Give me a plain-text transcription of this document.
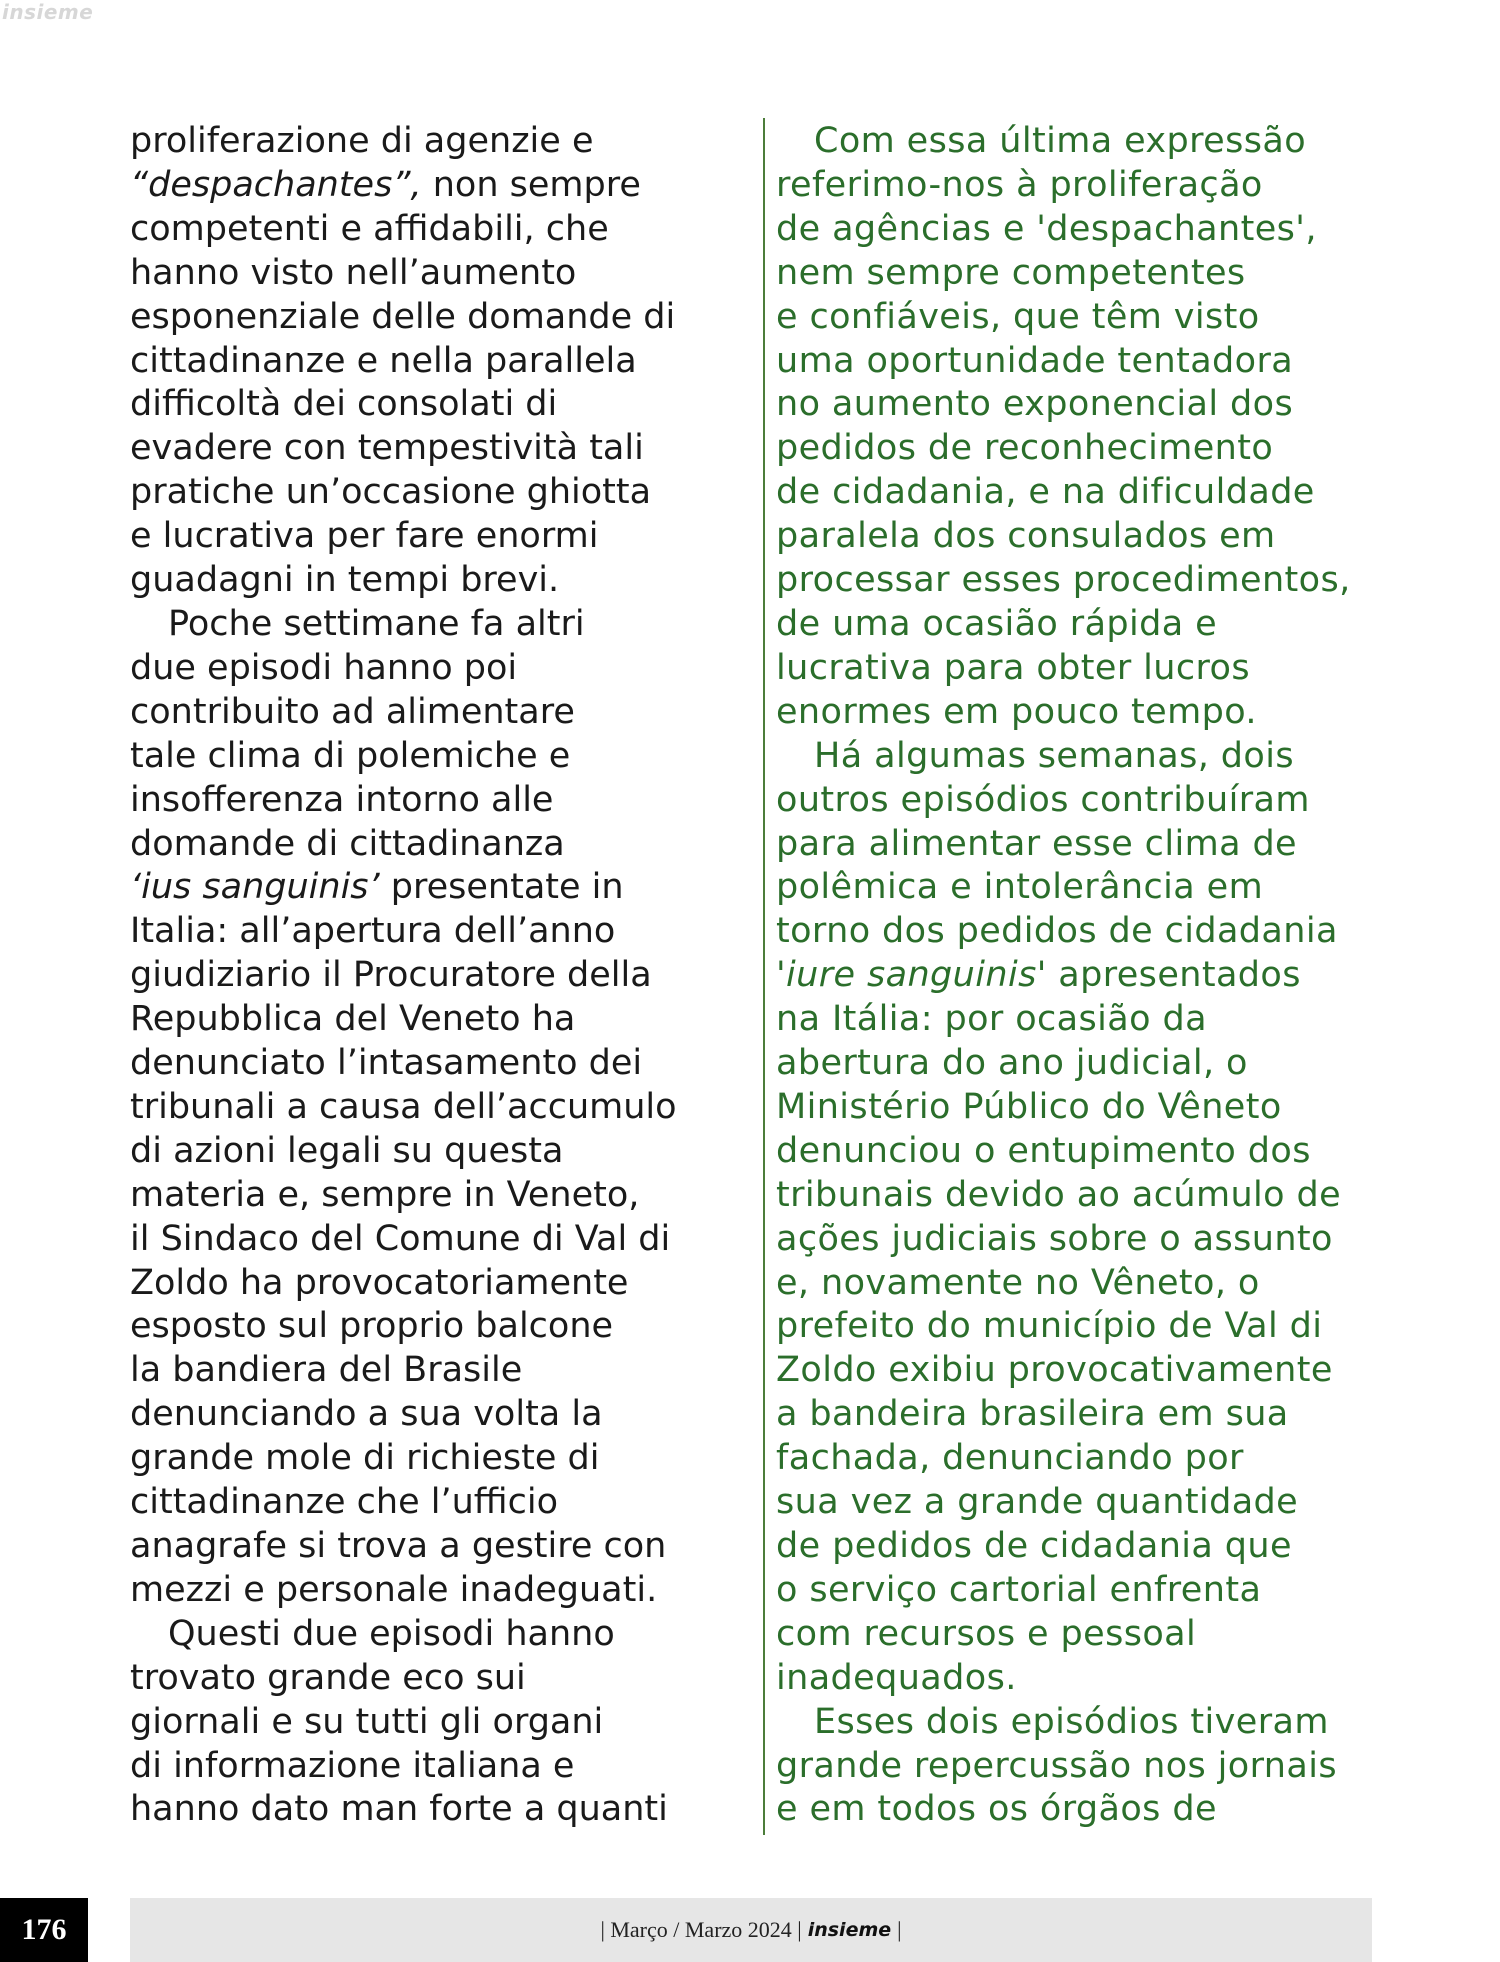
insieme

proliferazione di agenzie e
“despachantes”, non sempre
competenti e affidabili, che
hanno visto nell’aumento
esponenziale delle domande di
cittadinanze e nella parallela
difficoltà dei consolati di
evadere con tempestività tali
pratiche un’occasione ghiotta
e lucrativa per fare enormi
guadagni in tempi brevi.

Poche settimane fa altri
due episodi hanno poi
contribuito ad alimentare
tale clima di polemiche e
insofferenza intorno alle
domande di cittadinanza
‘ius sanguinis’ presentate in
Italia: all’apertura dell’anno
giudiziario il Procuratore della
Repubblica del Veneto ha
denunciato l’intasamento dei
tribunali a causa dell’accumulo
di azioni legali su questa
materia e, sempre in Veneto,
il Sindaco del Comune di Val di
Zoldo ha provocatoriamente
esposto sul proprio balcone
la bandiera del Brasile
denunciando a sua volta la
grande mole di richieste di
cittadinanze che l’ufficio
anagrafe si trova a gestire con
mezzi e personale inadeguati.

Questi due episodi hanno
trovato grande eco sui
giornali e su tutti gli organi
di informazione italiana e
hanno dato man forte a quanti

Com essa última expressão
referimo-nos à proliferação
de agências e 'despachantes',
nem sempre competentes
e confiáveis, que têm visto
uma oportunidade tentadora
no aumento exponencial dos
pedidos de reconhecimento
de cidadania, e na dificuldade
paralela dos consulados em
processar esses procedimentos,
de uma ocasião rápida e
lucrativa para obter lucros
enormes em pouco tempo.

Há algumas semanas, dois
outros episódios contribuíram
para alimentar esse clima de
polêmica e intolerância em
torno dos pedidos de cidadania
'iure sanguinis' apresentados
na Itália: por ocasião da
abertura do ano judicial, o
Ministério Público do Vêneto
denunciou o entupimento dos
tribunais devido ao acúmulo de
ações judiciais sobre o assunto
e, novamente no Vêneto, o
prefeito do município de Val di
Zoldo exibiu provocativamente
a bandeira brasileira em sua
fachada, denunciando por
sua vez a grande quantidade
de pedidos de cidadania que
o serviço cartorial enfrenta
com recursos e pessoal
inadequados.

Esses dois episódios tiveram
grande repercussão nos jornais
e em todos os órgãos de

176	| Março / Marzo 2024 | insieme |
